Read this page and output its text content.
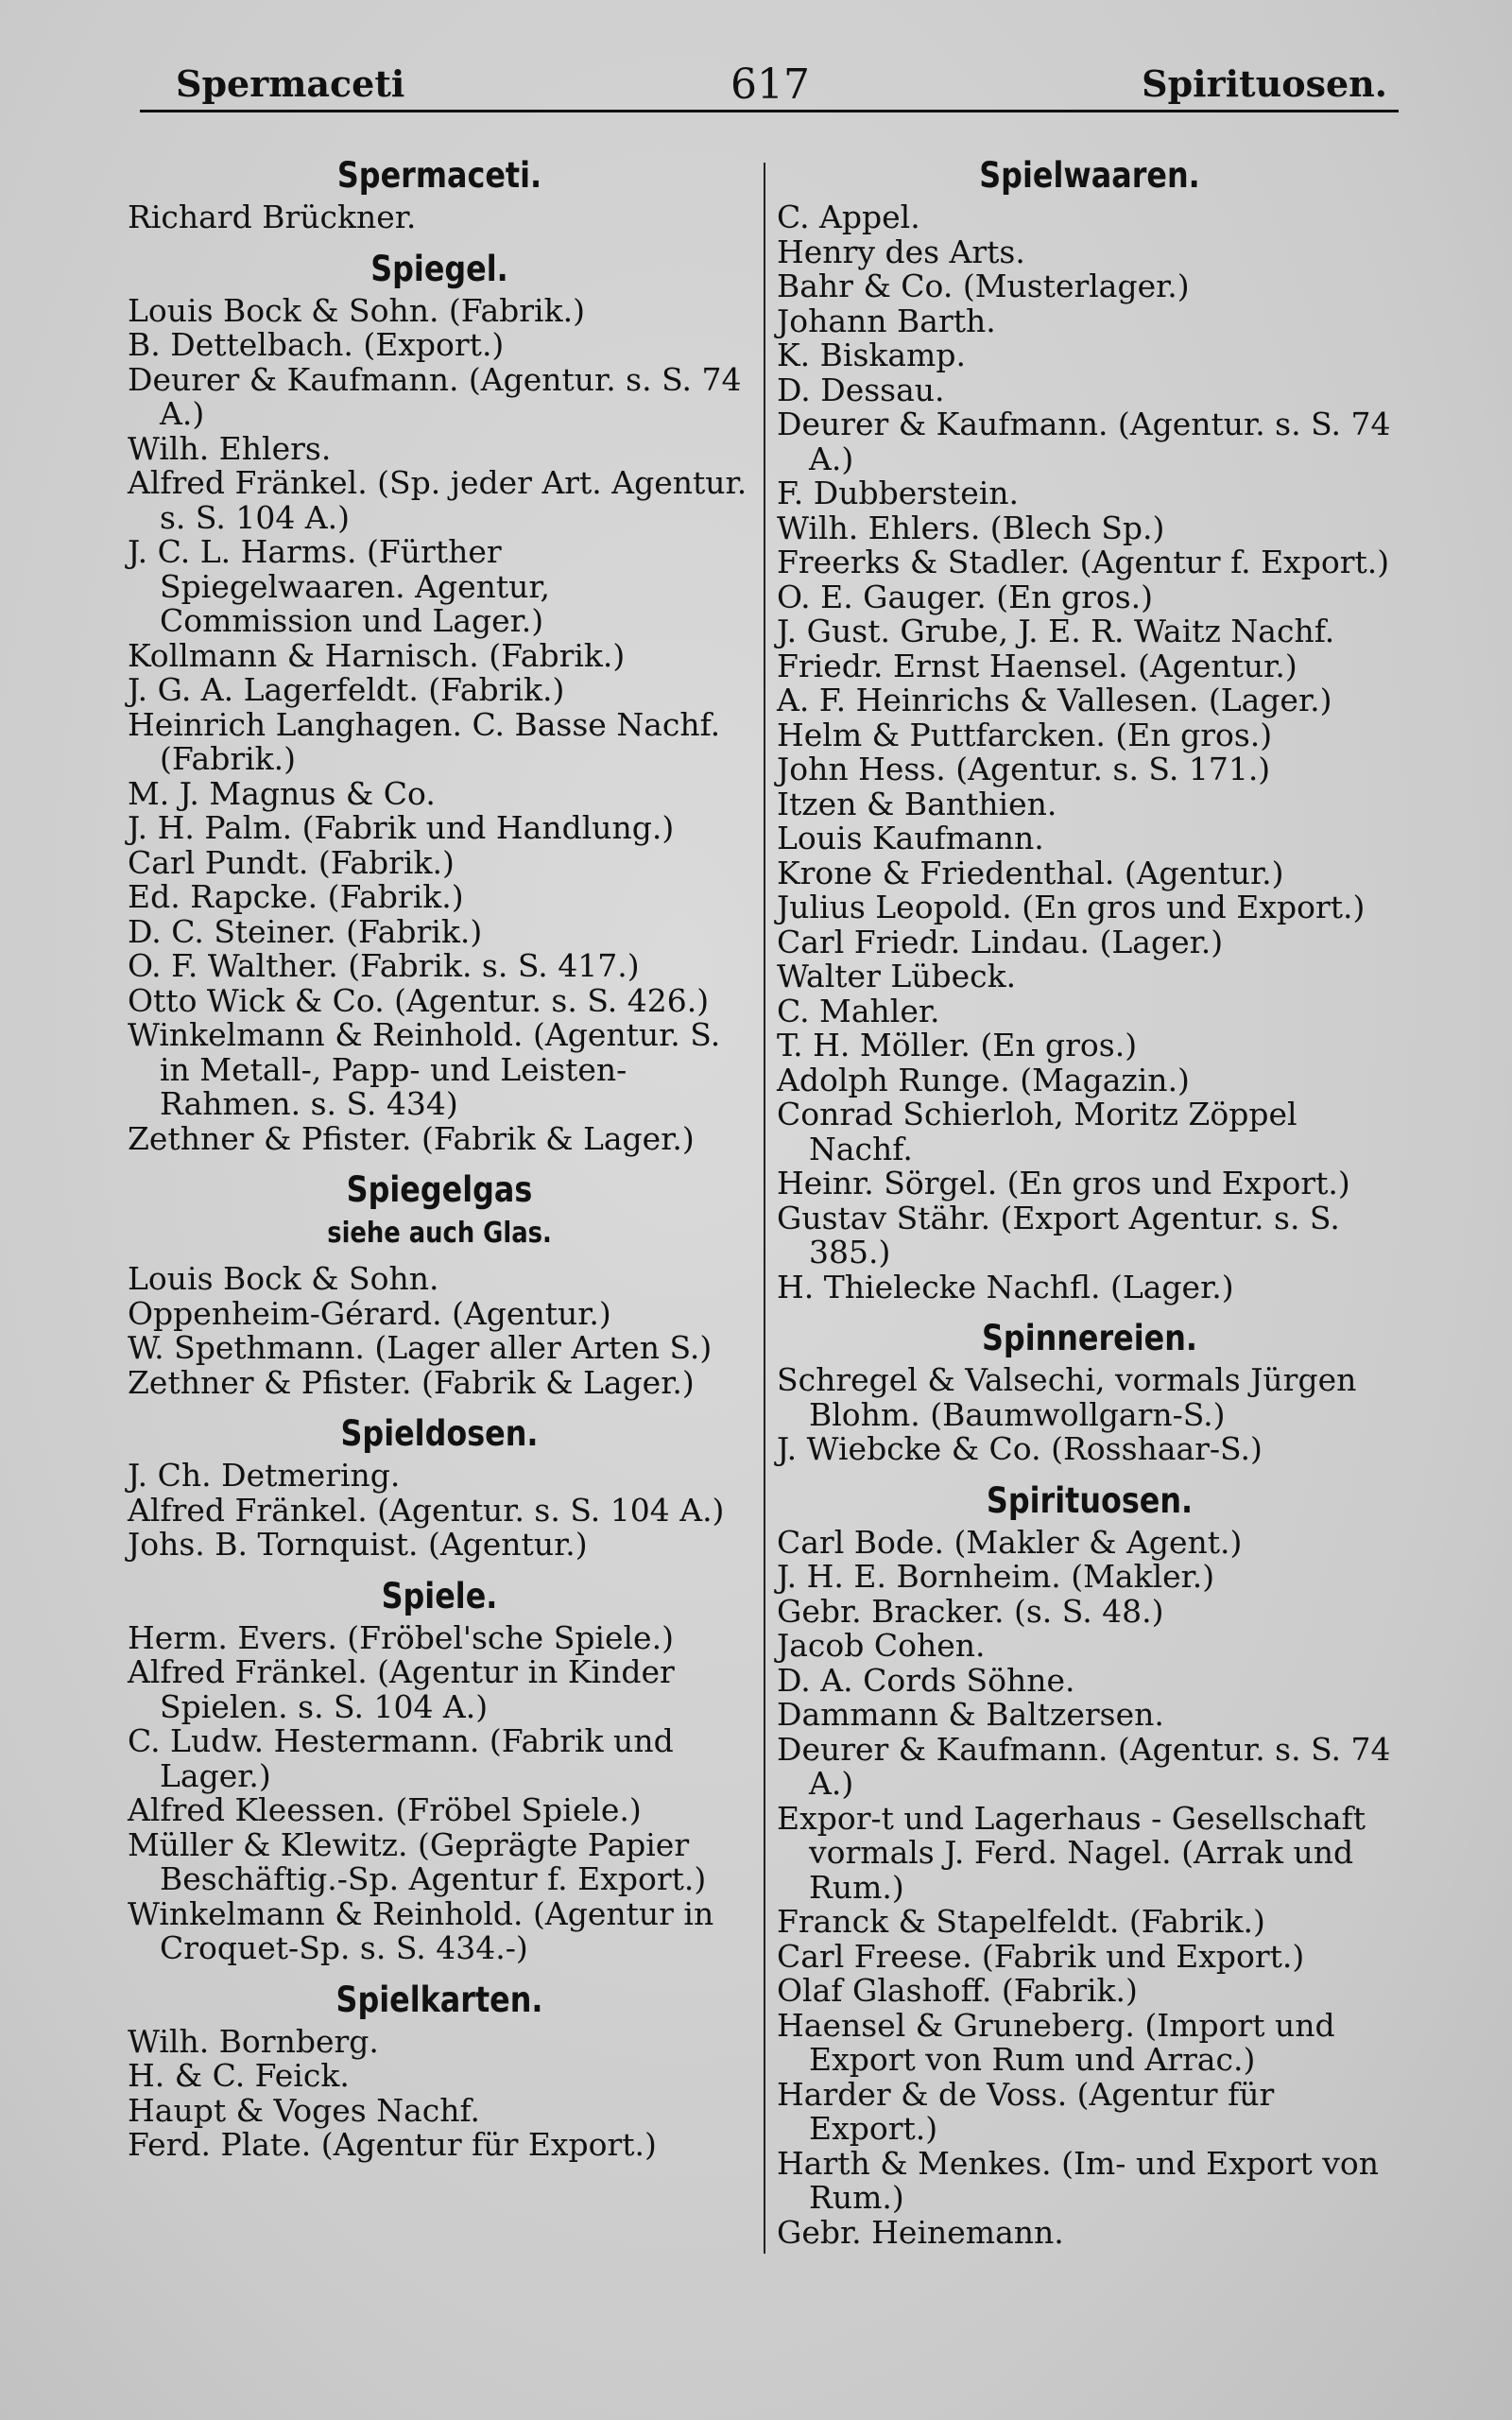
Spermaceti	617	Spirituosen.
Spermaceti.
Richard Brückner.
Spiegel.
Louis Bock & Sohn. (Fabrik.)
B. Dettelbach. (Export.)
Deurer & Kaufmann. (Agentur. s. S. 74 A.)
Wilh. Ehlers.
Alfred Fränkel. (Sp. jeder Art. Agentur. s. S. 104 A.)
J. C. L. Harms. (Fürther Spiegelwaaren. Agentur, Commission und Lager.)
Kollmann & Harnisch. (Fabrik.)
J. G. A. Lagerfeldt. (Fabrik.)
Heinrich Langhagen. C. Basse Nachf. (Fabrik.)
M. J. Magnus & Co.
J. H. Palm. (Fabrik und Handlung.)
Carl Pundt. (Fabrik.)
Ed. Rapcke. (Fabrik.)
D. C. Steiner. (Fabrik.)
O. F. Walther. (Fabrik. s. S. 417.)
Otto Wick & Co. (Agentur. s. S. 426.)
Winkelmann & Reinhold. (Agentur. S. in Metall-, Papp- und Leisten-Rahmen. s. S. 434)
Zethner & Pfister. (Fabrik & Lager.)
Spiegelgas
siehe auch Glas.
Louis Bock & Sohn.
Oppenheim-Gérard. (Agentur.)
W. Spethmann. (Lager aller Arten S.)
Zethner & Pfister. (Fabrik & Lager.)
Spieldosen.
J. Ch. Detmering.
Alfred Fränkel. (Agentur. s. S. 104 A.)
Johs. B. Tornquist. (Agentur.)
Spiele.
Herm. Evers. (Fröbel'sche Spiele.)
Alfred Fränkel. (Agentur in Kinder Spielen. s. S. 104 A.)
C. Ludw. Hestermann. (Fabrik und Lager.)
Alfred Kleessen. (Fröbel Spiele.)
Müller & Klewitz. (Geprägte Papier Beschäftig.-Sp. Agentur f. Export.)
Winkelmann & Reinhold. (Agentur in Croquet-Sp. s. S. 434.-)
Spielkarten.
Wilh. Bornberg.
H. & C. Feick.
Haupt & Voges Nachf.
Ferd. Plate. (Agentur für Export.)
Spielwaaren.
C. Appel.
Henry des Arts.
Bahr & Co. (Musterlager.)
Johann Barth.
K. Biskamp.
D. Dessau.
Deurer & Kaufmann. (Agentur. s. S. 74 A.)
F. Dubberstein.
Wilh. Ehlers. (Blech Sp.)
Freerks & Stadler. (Agentur f. Export.)
O. E. Gauger. (En gros.)
J. Gust. Grube, J. E. R. Waitz Nachf.
Friedr. Ernst Haensel. (Agentur.)
A. F. Heinrichs & Vallesen. (Lager.)
Helm & Puttfarcken. (En gros.)
John Hess. (Agentur. s. S. 171.)
Itzen & Banthien.
Louis Kaufmann.
Krone & Friedenthal. (Agentur.)
Julius Leopold. (En gros und Export.)
Carl Friedr. Lindau. (Lager.)
Walter Lübeck.
C. Mahler.
T. H. Möller. (En gros.)
Adolph Runge. (Magazin.)
Conrad Schierloh, Moritz Zöppel Nachf.
Heinr. Sörgel. (En gros und Export.)
Gustav Stähr. (Export Agentur. s. S. 385.)
H. Thielecke Nachfl. (Lager.)
Spinnereien.
Schregel & Valsechi, vormals Jürgen Blohm. (Baumwollgarn-S.)
J. Wiebcke & Co. (Rosshaar-S.)
Spirituosen.
Carl Bode. (Makler & Agent.)
J. H. E. Bornheim. (Makler.)
Gebr. Bracker. (s. S. 48.)
Jacob Cohen.
D. A. Cords Söhne.
Dammann & Baltzersen.
Deurer & Kaufmann. (Agentur. s. S. 74 A.)
Expor-t und Lagerhaus - Gesellschaft vormals J. Ferd. Nagel. (Arrak und Rum.)
Franck & Stapelfeldt. (Fabrik.)
Carl Freese. (Fabrik und Export.)
Olaf Glashoff. (Fabrik.)
Haensel & Gruneberg. (Import und Export von Rum und Arrac.)
Harder & de Voss. (Agentur für Export.)
Harth & Menkes. (Im- und Export von Rum.)
Gebr. Heinemann.
